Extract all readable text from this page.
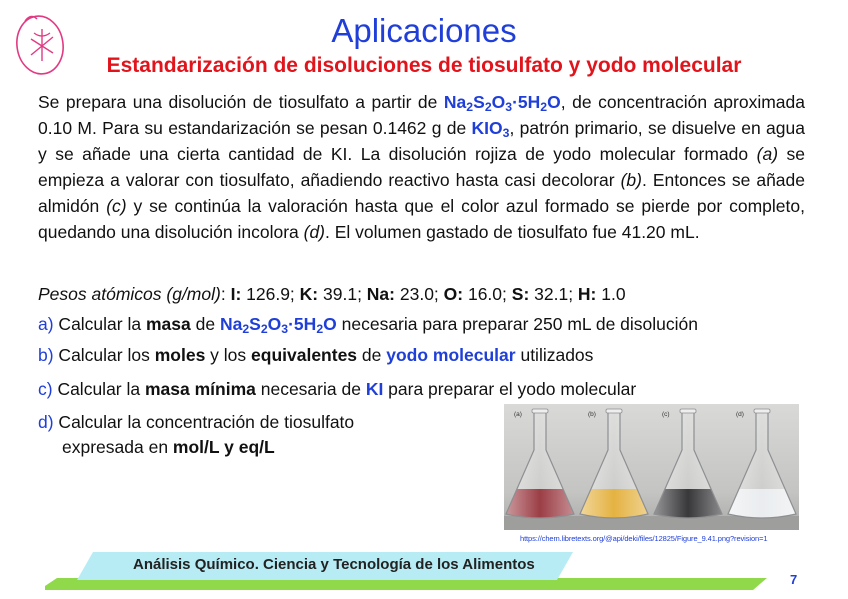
Aplicaciones
Estandarización de disoluciones de tiosulfato y yodo molecular
Se prepara una disolución de tiosulfato a partir de $Na_2S_2O_3\cdot 5H_2O$, de concentración aproximada 0.10 M. Para su estandarización se pesan 0.1462 g de $KIO_3$, patrón primario, se disuelve en agua y se añade una cierta cantidad de KI. La disolución rojiza de yodo molecular formado (a) se empieza a valorar con tiosulfato, añadiendo reactivo hasta casi decolorar (b). Entonces se añade almidón (c) y se continúa la valoración hasta que el color azul formado se pierde por completo, quedando una disolución incolora (d). El volumen gastado de tiosulfato fue 41.20 mL.
Pesos atómicos (g/mol): I: 126.9; K: 39.1; Na: 23.0; O: 16.0; S: 32.1; H: 1.0
a) Calcular la masa de $Na_2S_2O_3\cdot 5H_2O$ necesaria para preparar 250 mL de disolución
b) Calcular los moles y los equivalentes de yodo molecular utilizados
c) Calcular la masa mínima necesaria de KI para preparar el yodo molecular
d) Calcular la concentración de tiosulfato
expresada en mol/L y eq/L
(a)	(b)	(c)	(d)
https://chem.libretexts.org/@api/deki/files/12825/Figure_9.41.png?revision=1
Análisis Químico. Ciencia y Tecnología de los Alimentos
7
